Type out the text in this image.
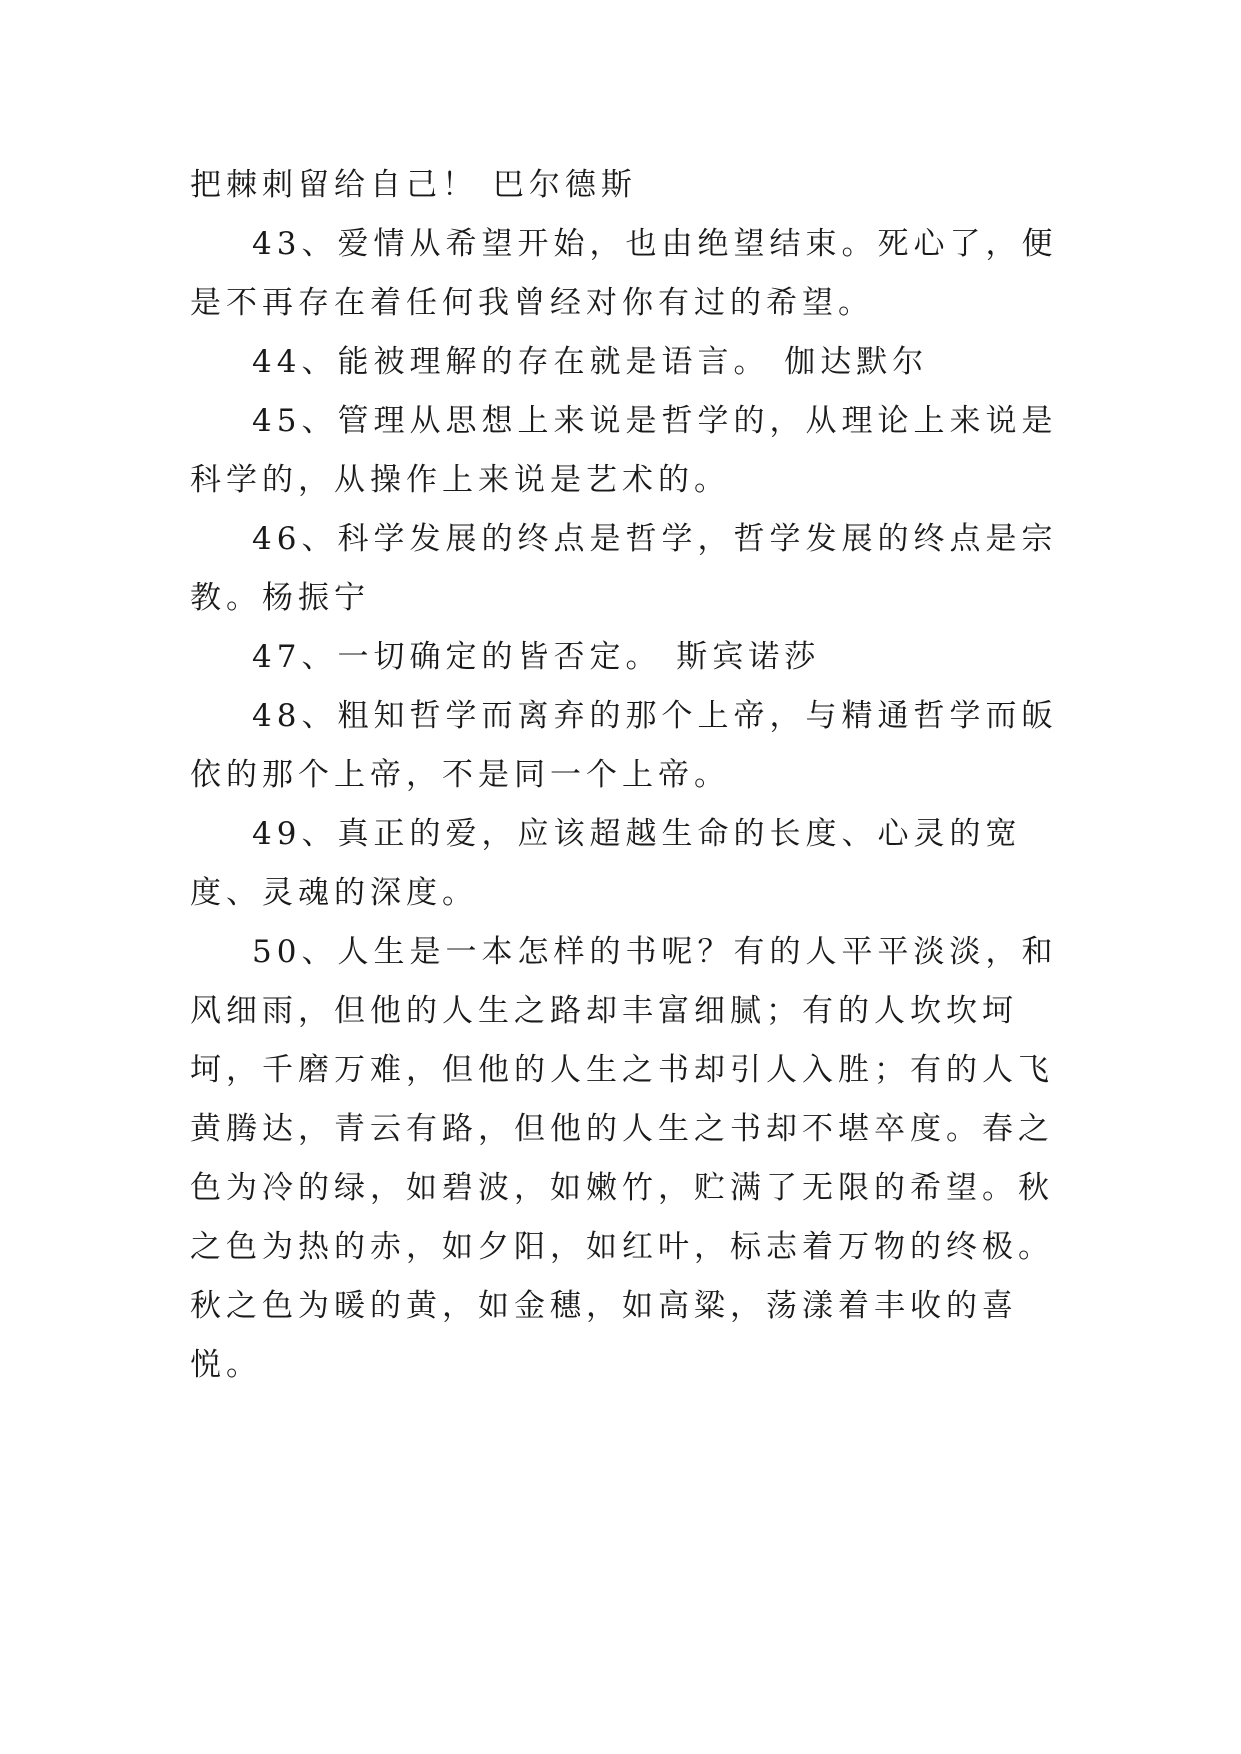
把棘刺留给自己！ 巴尔德斯

43、爱情从希望开始，也由绝望结束。死心了，便是不再存在着任何我曾经对你有过的希望。

44、能被理解的存在就是语言。 伽达默尔

45、管理从思想上来说是哲学的，从理论上来说是科学的，从操作上来说是艺术的。

46、科学发展的终点是哲学，哲学发展的终点是宗教。杨振宁

47、一切确定的皆否定。 斯宾诺莎

48、粗知哲学而离弃的那个上帝，与精通哲学而皈依的那个上帝，不是同一个上帝。

49、真正的爱，应该超越生命的长度、心灵的宽度、灵魂的深度。

50、人生是一本怎样的书呢？有的人平平淡淡，和风细雨，但他的人生之路却丰富细腻；有的人坎坎坷坷，千磨万难，但他的人生之书却引人入胜；有的人飞黄腾达，青云有路，但他的人生之书却不堪卒度。春之色为冷的绿，如碧波，如嫩竹，贮满了无限的希望。秋之色为热的赤，如夕阳，如红叶，标志着万物的终极。秋之色为暖的黄，如金穗，如高粱，荡漾着丰收的喜悦。
